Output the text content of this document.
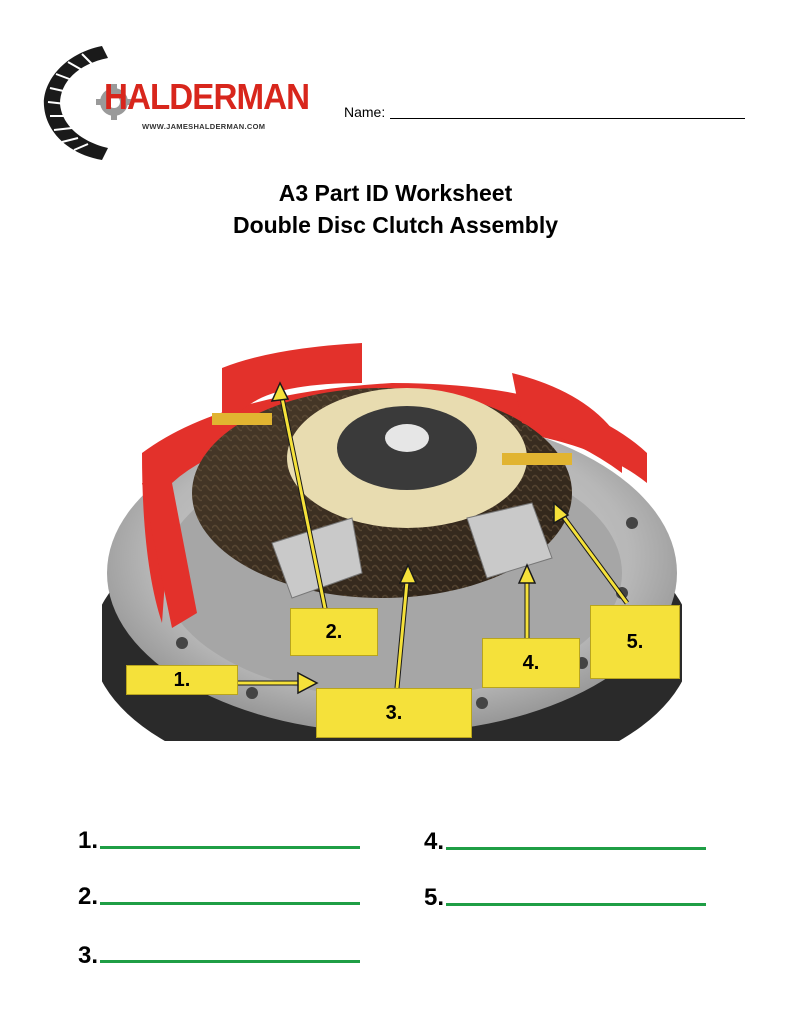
HALDERMAN
WWW.JAMESHALDERMAN.COM
Name:
A3 Part ID Worksheet
Double Disc Clutch Assembly
1.
2.
3.
4.
5.
1.
2.
3.
4.
5.
